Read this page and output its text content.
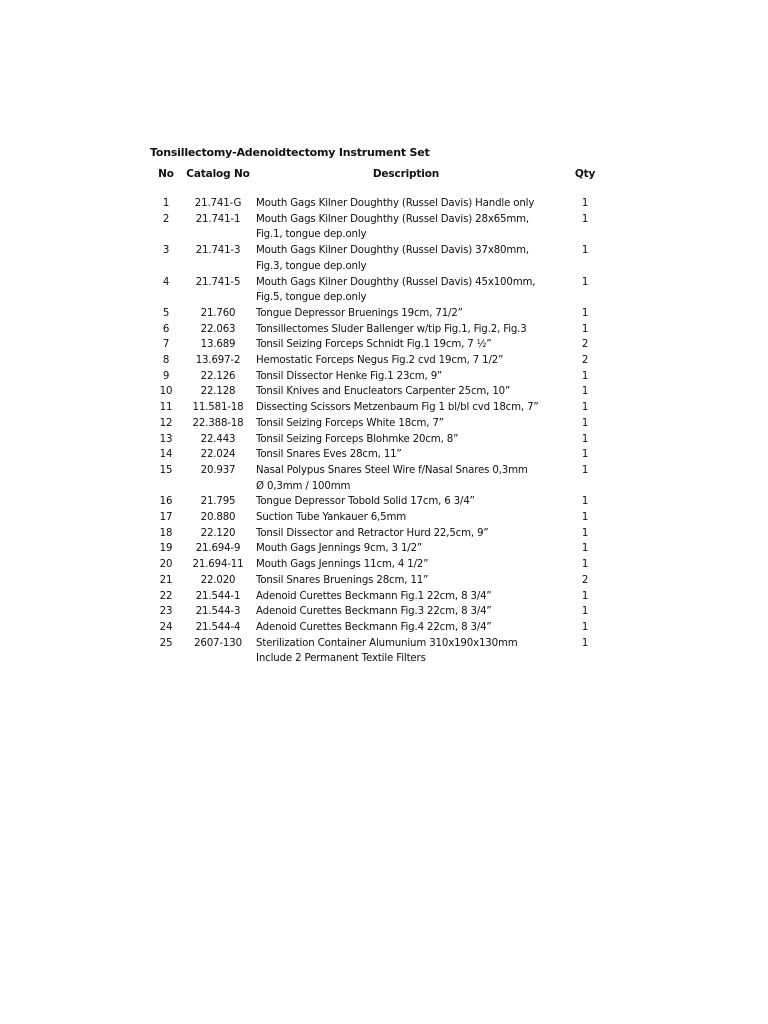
Tonsillectomy-Adenoidtectomy Instrument Set
No	Catalog No	Description	Qty
1	21.741-G	Mouth Gags Kilner Doughthy (Russel Davis) Handle only	1
2	21.741-1	Mouth Gags Kilner Doughthy (Russel Davis) 28x65mm,
Fig.1, tongue dep.only	1
3	21.741-3	Mouth Gags Kilner Doughthy (Russel Davis) 37x80mm,
Fig.3, tongue dep.only	1
4	21.741-5	Mouth Gags Kilner Doughthy (Russel Davis) 45x100mm,
Fig.5, tongue dep.only	1
5	21.760	Tongue Depressor Bruenings 19cm, 71/2”	1
6	22.063	Tonsillectomes Sluder Ballenger w/tip Fig.1, Fig.2, Fig.3	1
7	13.689	Tonsil Seizing Forceps Schnidt Fig.1 19cm, 7 ½”	2
8	13.697-2	Hemostatic Forceps Negus Fig.2 cvd 19cm, 7 1/2”	2
9	22.126	Tonsil Dissector Henke Fig.1 23cm, 9”	1
10	22.128	Tonsil Knives and Enucleators Carpenter 25cm, 10”	1
11	11.581-18	Dissecting Scissors Metzenbaum Fig 1 bl/bl cvd 18cm, 7”	1
12	22.388-18	Tonsil Seizing Forceps White 18cm, 7”	1
13	22.443	Tonsil Seizing Forceps Blohmke 20cm, 8”	1
14	22.024	Tonsil Snares Eves 28cm, 11”	1
15	20.937	Nasal Polypus Snares Steel Wire f/Nasal Snares 0,3mm
Ø 0,3mm / 100mm	1
16	21.795	Tongue Depressor Tobold Solid 17cm, 6 3/4”	1
17	20.880	Suction Tube Yankauer 6,5mm	1
18	22.120	Tonsil Dissector and Retractor Hurd 22,5cm, 9”	1
19	21.694-9	Mouth Gags Jennings 9cm, 3 1/2”	1
20	21.694-11	Mouth Gags Jennings 11cm, 4 1/2”	1
21	22.020	Tonsil Snares Bruenings 28cm, 11”	2
22	21.544-1	Adenoid Curettes Beckmann Fig.1 22cm, 8 3/4”	1
23	21.544-3	Adenoid Curettes Beckmann Fig.3 22cm, 8 3/4”	1
24	21.544-4	Adenoid Curettes Beckmann Fig.4 22cm, 8 3/4”	1
25	2607-130	Sterilization Container Alumunium 310x190x130mm
Include 2 Permanent Textile Filters	1
